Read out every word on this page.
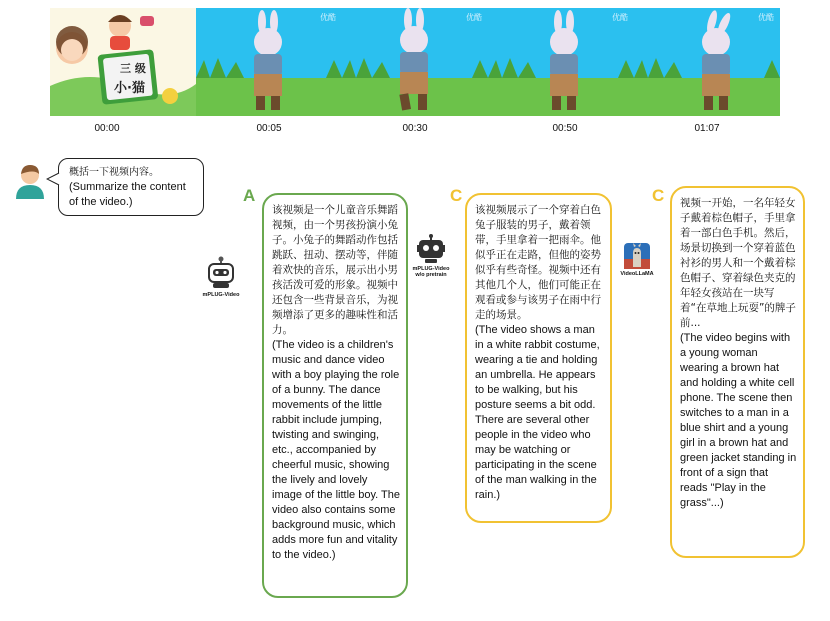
三 级
小·猫
优酷	优酷	优酷	优酷
00:00	00:05	00:30	00:50	01:07
概括一下视频内容。
(Summarize the content of the video.)
mPLUG-Video
mPLUG-Video
w/o pretrain	VideoLLaMA
A	C	C
该视频是一个儿童音乐舞蹈视频，由一个男孩扮演小兔子。小兔子的舞蹈动作包括跳跃、扭动、摆动等，伴随着欢快的音乐，展示出小男孩活泼可爱的形象。视频中还包含一些背景音乐，为视频增添了更多的趣味性和活力。
(The video is a children's music and dance video with a boy playing the role of a bunny. The dance movements of the little rabbit include jumping, twisting and swinging, etc., accompanied by cheerful music, showing the lively and lovely image of the little boy. The video also contains some background music, which adds more fun and vitality to the video.)
该视频展示了一个穿着白色兔子服装的男子，戴着领带，手里拿着一把雨伞。他似乎正在走路，但他的姿势似乎有些奇怪。视频中还有其他几个人，他们可能正在观看或参与该男子在雨中行走的场景。
(The video shows a man in a white rabbit costume, wearing a tie and holding an umbrella. He appears to be walking, but his posture seems a bit odd. There are several other people in the video who may be watching or participating in the scene of the man walking in the rain.)
视频一开始，一名年轻女子戴着棕色帽子，手里拿着一部白色手机。然后，场景切换到一个穿着蓝色衬衫的男人和一个戴着棕色帽子、穿着绿色夹克的年轻女孩站在一块写着“在草地上玩耍”的牌子前...
(The video begins with a young woman wearing a brown hat and holding a white cell phone. The scene then switches to a man in a blue shirt and a young girl in a brown hat and green jacket standing in front of a sign that reads "Play in the grass"...)
